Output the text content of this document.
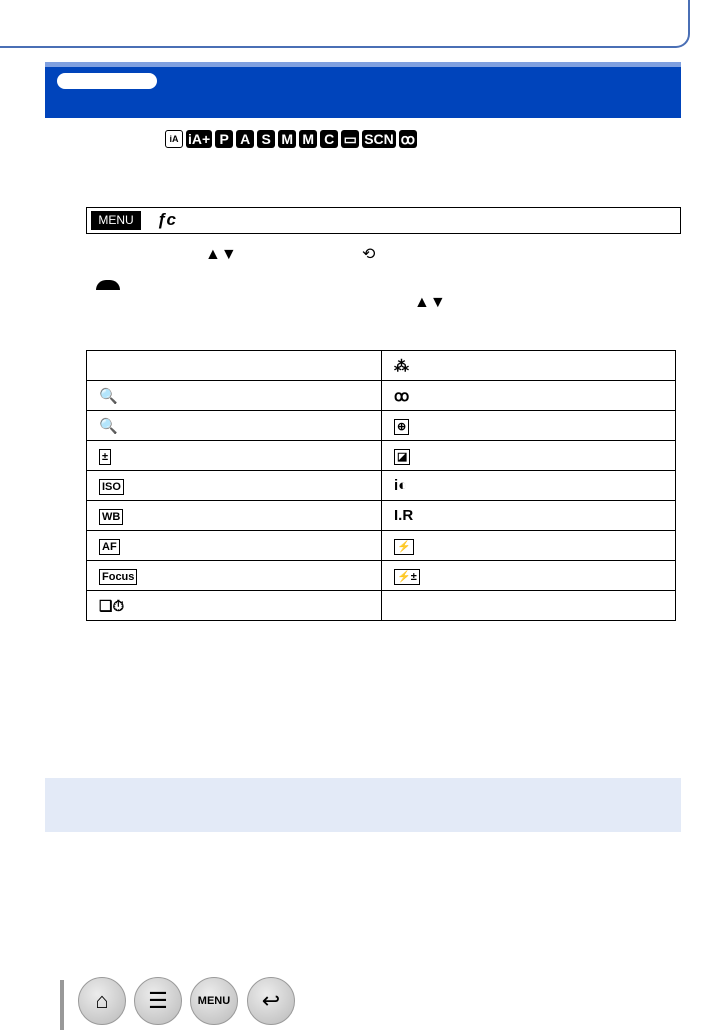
iA iA+ P A S M M C ▭ SCN ꝏ
MENU	ƒc
▲▼	⟲
▲▼
	⁂
🔍	ꝏ
🔍	⊕
±	◪
ISO	i◐
WB	I.R
AF	⚡
Focus	⚡±
❑⏱	
⌂ ☰	MENU ↩
